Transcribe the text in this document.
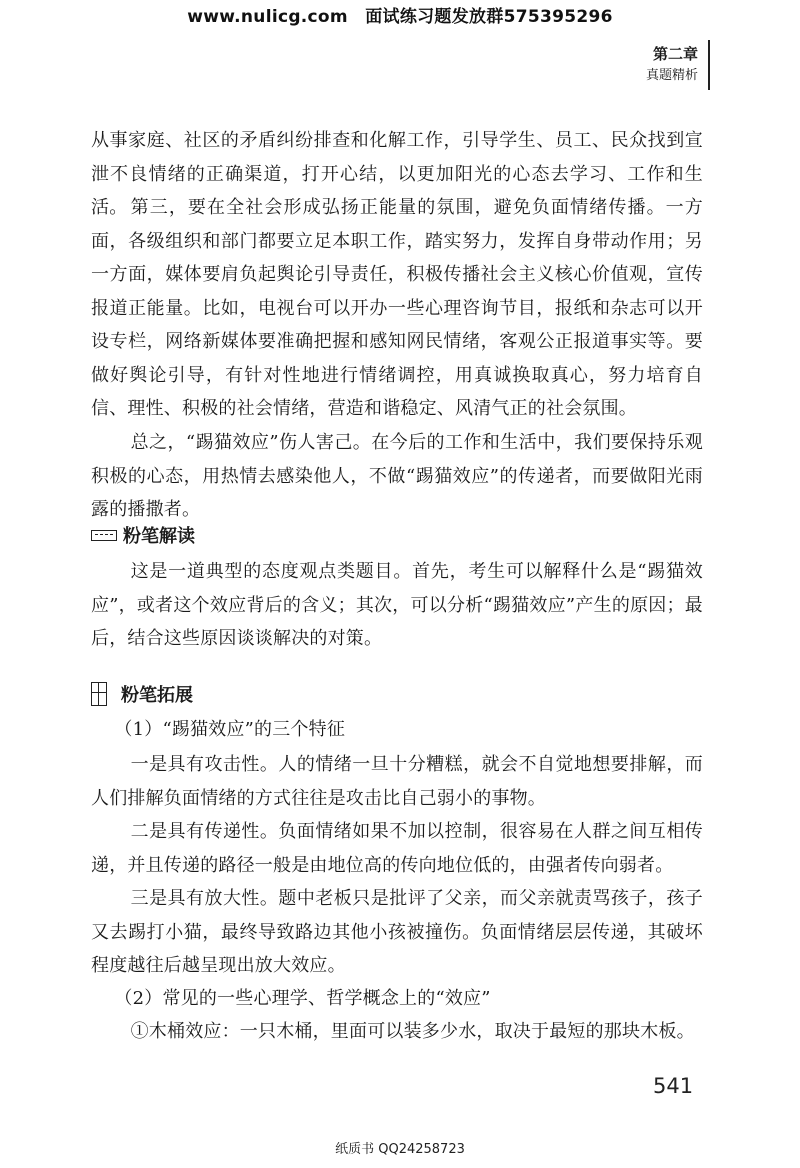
www.nulicg.com　面试练习题发放群575395296
第二章
真题精析

从事家庭、社区的矛盾纠纷排查和化解工作，引导学生、员工、民众找到宣泄不良情绪的正确渠道，打开心结，以更加阳光的心态去学习、工作和生活。 第三，要在全社会形成弘扬正能量的氛围，避免负面情绪传播。一方面，各级组织和部门都要立足本职工作，踏实努力，发挥自身带动作用；另一方面，媒体要肩负起舆论引导责任，积极传播社会主义核心价值观，宣传报道正能量。比如，电视台可以开办一些心理咨询节目，报纸和杂志可以开设专栏，网络新媒体要准确把握和感知网民情绪，客观公正报道事实等。要做好舆论引导，有针对性地进行情绪调控，用真诚换取真心，努力培育自信、理性、积极的社会情绪，营造和谐稳定、风清气正的社会氛围。

总之，“踢猫效应”伤人害己。在今后的工作和生活中，我们要保持乐观积极的心态，用热情去感染他人，不做“踢猫效应”的传递者，而要做阳光雨露的播撒者。

粉笔解读

这是一道典型的态度观点类题目。首先，考生可以解释什么是“踢猫效应”，或者这个效应背后的含义；其次，可以分析“踢猫效应”产生的原因；最后，结合这些原因谈谈解决的对策。

粉笔拓展

（1）“踢猫效应”的三个特征

一是具有攻击性。人的情绪一旦十分糟糕，就会不自觉地想要排解，而人们排解负面情绪的方式往往是攻击比自己弱小的事物。

二是具有传递性。负面情绪如果不加以控制，很容易在人群之间互相传递，并且传递的路径一般是由地位高的传向地位低的，由强者传向弱者。

三是具有放大性。题中老板只是批评了父亲，而父亲就责骂孩子，孩子又去踢打小猫，最终导致路边其他小孩被撞伤。负面情绪层层传递，其破坏程度越往后越呈现出放大效应。

（2）常见的一些心理学、哲学概念上的“效应”

①木桶效应：一只木桶，里面可以装多少水，取决于最短的那块木板。

541
纸质书 QQ24258723
